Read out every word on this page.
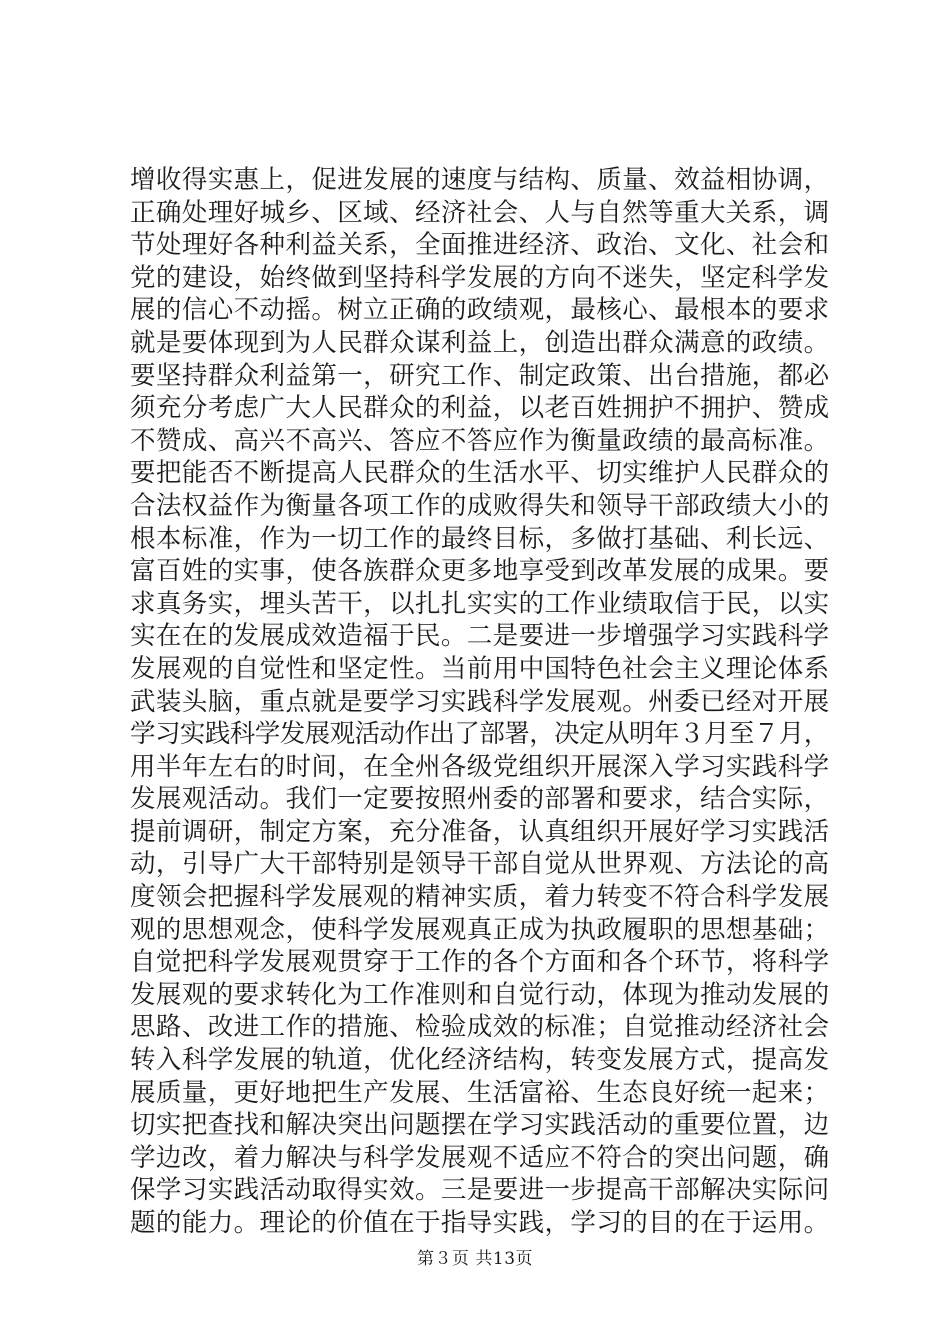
增收得实惠上，促进发展的速度与结构、质量、效益相协调，
正确处理好城乡、区域、经济社会、人与自然等重大关系，调
节处理好各种利益关系，全面推进经济、政治、文化、社会和
党的建设，始终做到坚持科学发展的方向不迷失，坚定科学发
展的信心不动摇。树立正确的政绩观，最核心、最根本的要求
就是要体现到为人民群众谋利益上，创造出群众满意的政绩。
要坚持群众利益第一，研究工作、制定政策、出台措施，都必
须充分考虑广大人民群众的利益，以老百姓拥护不拥护、赞成
不赞成、高兴不高兴、答应不答应作为衡量政绩的最高标准。
要把能否不断提高人民群众的生活水平、切实维护人民群众的
合法权益作为衡量各项工作的成败得失和领导干部政绩大小的
根本标准，作为一切工作的最终目标，多做打基础、利长远、
富百姓的实事，使各族群众更多地享受到改革发展的成果。要
求真务实，埋头苦干，以扎扎实实的工作业绩取信于民，以实
实在在的发展成效造福于民。二是要进一步增强学习实践科学
发展观的自觉性和坚定性。当前用中国特色社会主义理论体系
武装头脑，重点就是要学习实践科学发展观。州委已经对开展
学习实践科学发展观活动作出了部署，决定从明年３月至７月，
用半年左右的时间，在全州各级党组织开展深入学习实践科学
发展观活动。我们一定要按照州委的部署和要求，结合实际，
提前调研，制定方案，充分准备，认真组织开展好学习实践活
动，引导广大干部特别是领导干部自觉从世界观、方法论的高
度领会把握科学发展观的精神实质，着力转变不符合科学发展
观的思想观念，使科学发展观真正成为执政履职的思想基础；
自觉把科学发展观贯穿于工作的各个方面和各个环节，将科学
发展观的要求转化为工作准则和自觉行动，体现为推动发展的
思路、改进工作的措施、检验成效的标准；自觉推动经济社会
转入科学发展的轨道，优化经济结构，转变发展方式，提高发
展质量，更好地把生产发展、生活富裕、生态良好统一起来；
切实把查找和解决突出问题摆在学习实践活动的重要位置，边
学边改，着力解决与科学发展观不适应不符合的突出问题，确
保学习实践活动取得实效。三是要进一步提高干部解决实际问
题的能力。理论的价值在于指导实践，学习的目的在于运用。
第３页 共13页
